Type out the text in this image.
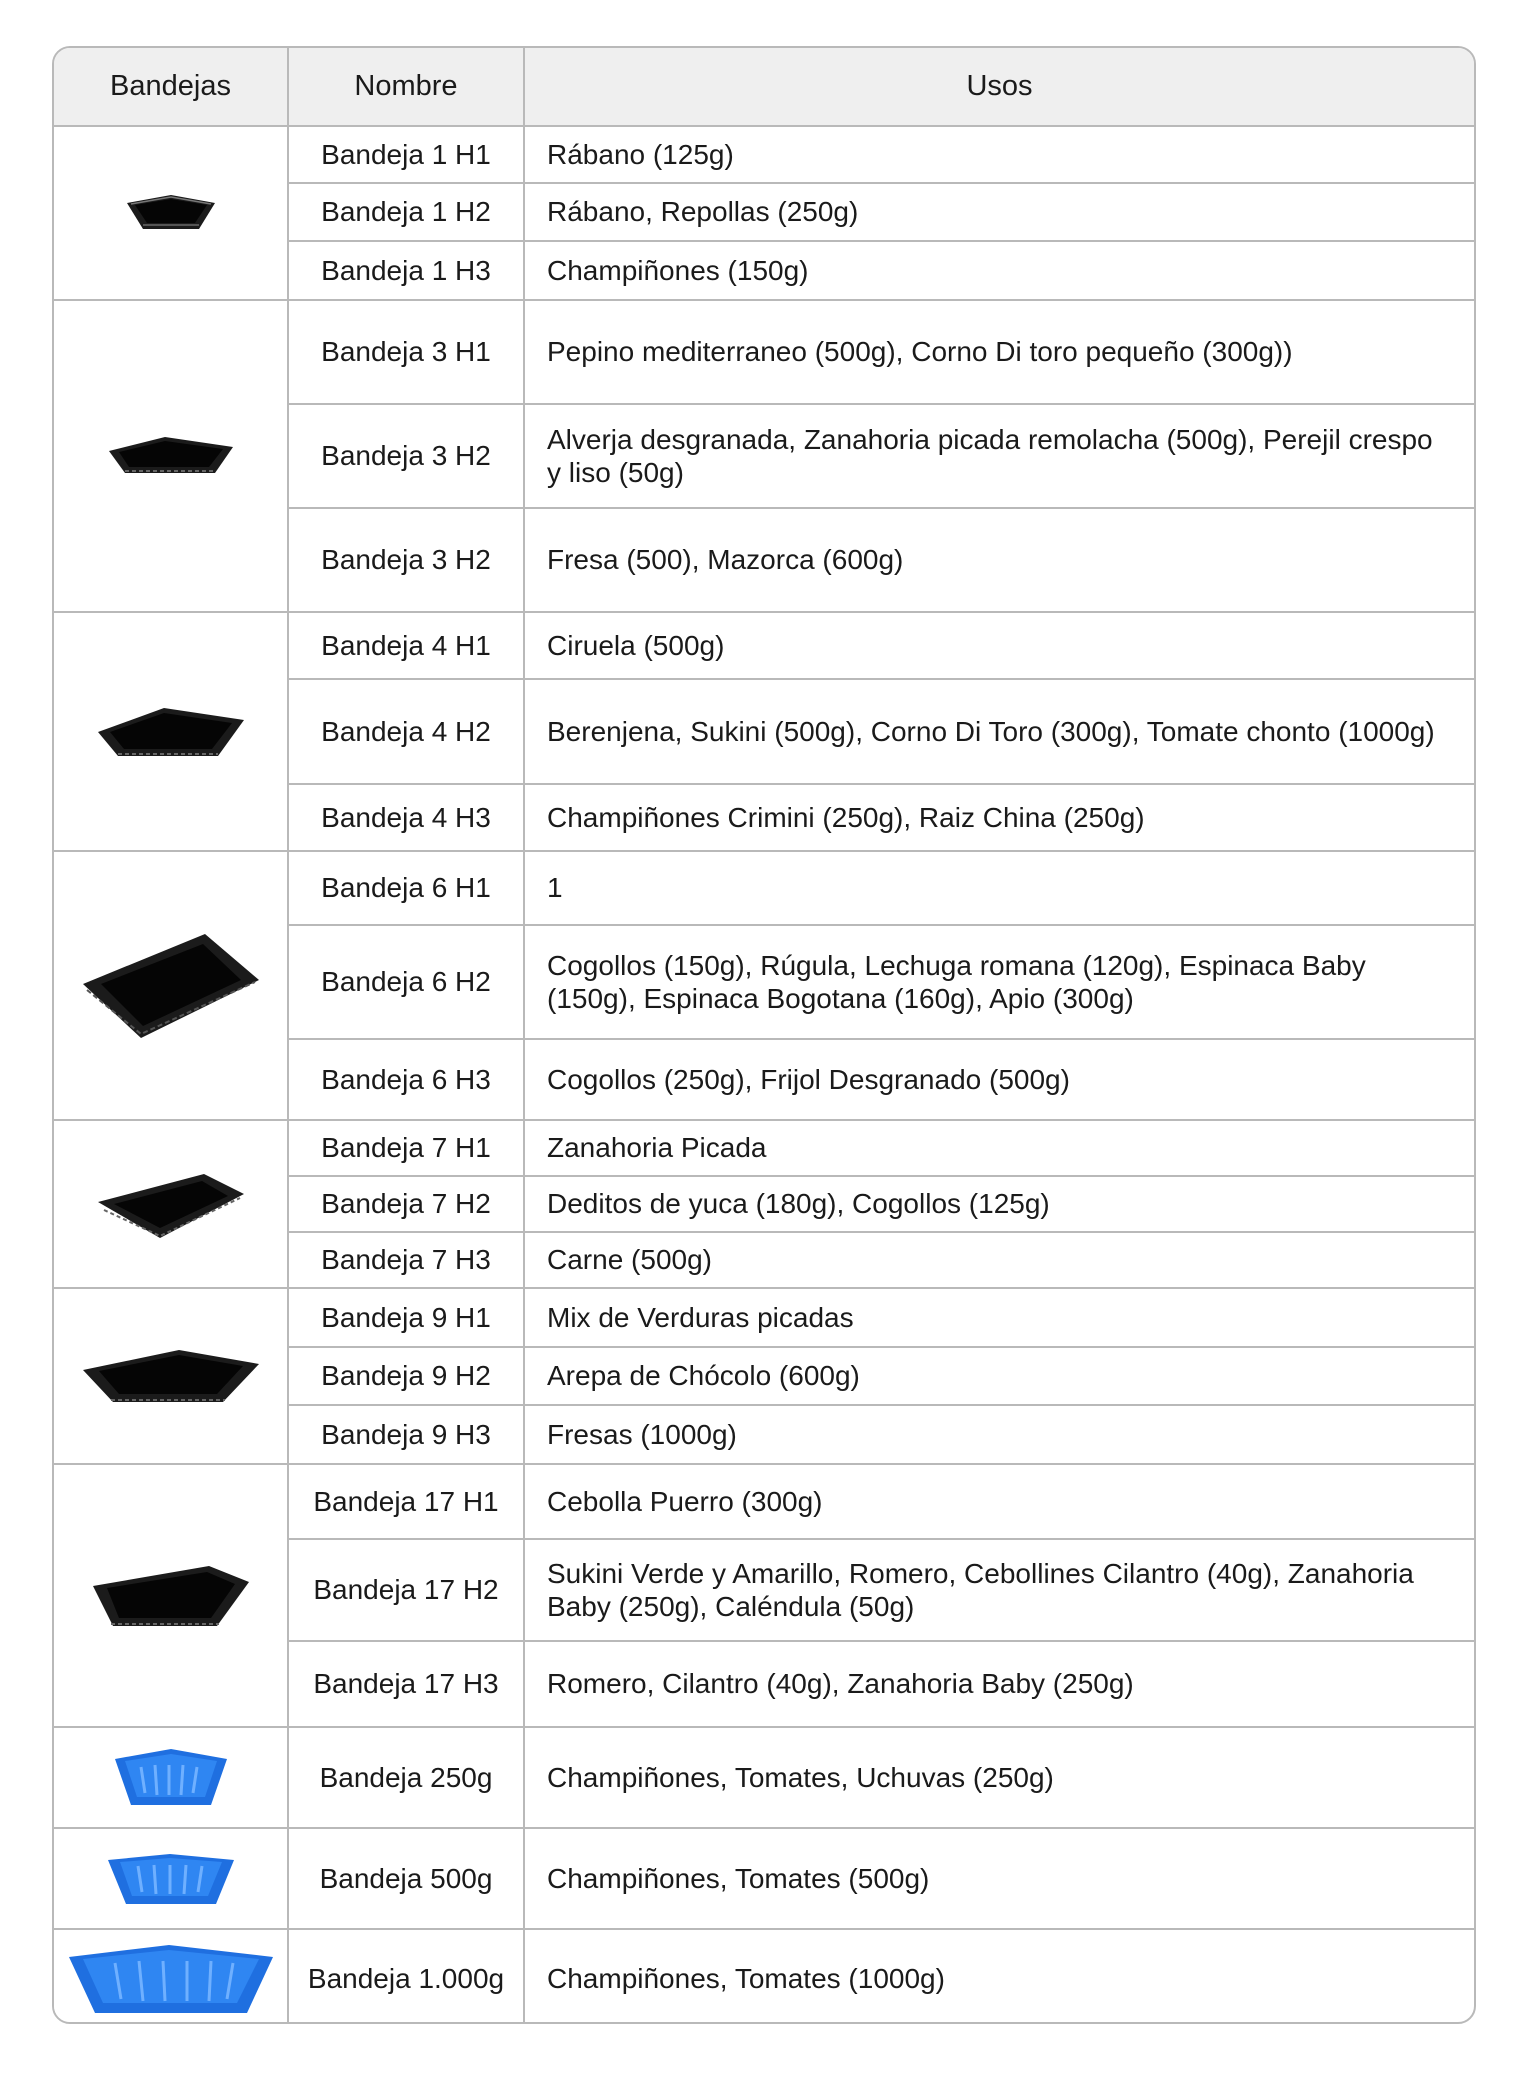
Bandejas	Nombre	Usos

	Bandeja 1 H1	Rábano (125g)
	Bandeja 1 H2	Rábano, Repollas (250g)
	Bandeja 1 H3	Champiñones (150g)

	Bandeja 3 H1	Pepino mediterraneo (500g), Corno Di toro pequeño (300g))
	Bandeja 3 H2	Alverja desgranada, Zanahoria picada remolacha (500g), Perejil crespo y liso (50g)
	Bandeja 3 H2	Fresa (500), Mazorca (600g)

	Bandeja 4 H1	Ciruela (500g)
	Bandeja 4 H2	Berenjena, Sukini (500g), Corno Di Toro (300g), Tomate chonto (1000g)
	Bandeja 4 H3	Champiñones Crimini (250g), Raiz China (250g)

	Bandeja 6 H1	1
	Bandeja 6 H2	Cogollos (150g), Rúgula, Lechuga romana (120g), Espinaca Baby (150g), Espinaca Bogotana (160g), Apio (300g)
	Bandeja 6 H3	Cogollos (250g), Frijol Desgranado (500g)

	Bandeja 7 H1	Zanahoria Picada
	Bandeja 7 H2	Deditos de yuca (180g), Cogollos (125g)
	Bandeja 7 H3	Carne (500g)

	Bandeja 9 H1	Mix de Verduras picadas
	Bandeja 9 H2	Arepa de Chócolo (600g)
	Bandeja 9 H3	Fresas (1000g)

	Bandeja 17 H1	Cebolla Puerro (300g)
	Bandeja 17 H2	Sukini Verde y Amarillo, Romero, Cebollines Cilantro (40g), Zanahoria Baby (250g), Caléndula (50g)
	Bandeja 17 H3	Romero, Cilantro (40g), Zanahoria Baby (250g)

	Bandeja 250g	Champiñones, Tomates, Uchuvas (250g)

	Bandeja 500g	Champiñones, Tomates (500g)

	Bandeja 1.000g	Champiñones, Tomates (1000g)
